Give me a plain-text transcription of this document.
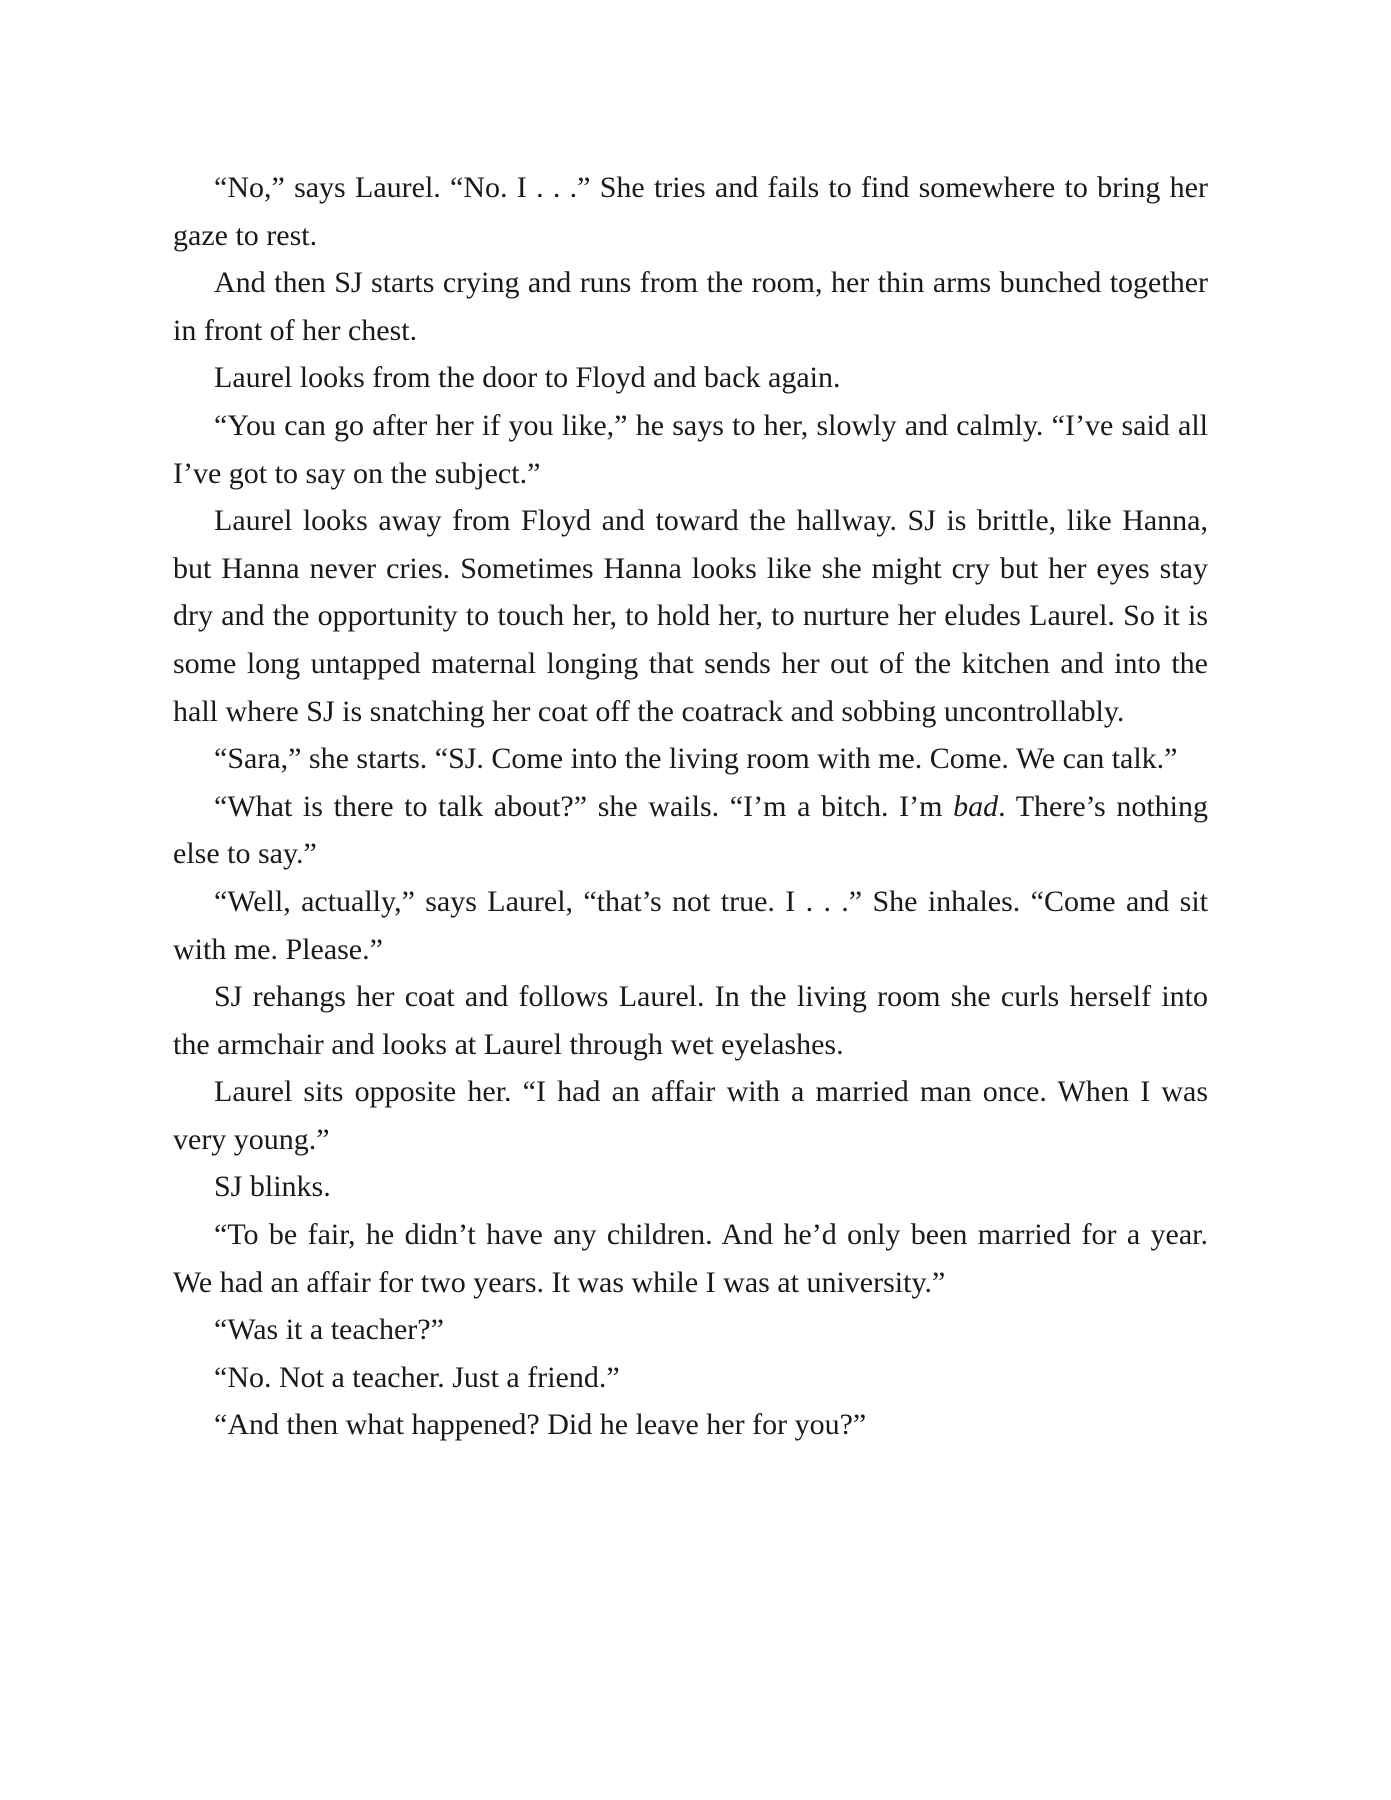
“No,” says Laurel. “No. I . . .” She tries and fails to find somewhere to bring her gaze to rest.

And then SJ starts crying and runs from the room, her thin arms bunched together in front of her chest.

Laurel looks from the door to Floyd and back again.

“You can go after her if you like,” he says to her, slowly and calmly. “I’ve said all I’ve got to say on the subject.”

Laurel looks away from Floyd and toward the hallway. SJ is brittle, like Hanna, but Hanna never cries. Sometimes Hanna looks like she might cry but her eyes stay dry and the opportunity to touch her, to hold her, to nurture her eludes Laurel. So it is some long untapped maternal longing that sends her out of the kitchen and into the hall where SJ is snatching her coat off the coatrack and sobbing uncontrollably.

“Sara,” she starts. “SJ. Come into the living room with me. Come. We can talk.”

“What is there to talk about?” she wails. “I’m a bitch. I’m bad. There’s nothing else to say.”

“Well, actually,” says Laurel, “that’s not true. I . . .” She inhales. “Come and sit with me. Please.”

SJ rehangs her coat and follows Laurel. In the living room she curls herself into the armchair and looks at Laurel through wet eyelashes.

Laurel sits opposite her. “I had an affair with a married man once. When I was very young.”

SJ blinks.

“To be fair, he didn’t have any children. And he’d only been married for a year. We had an affair for two years. It was while I was at university.”

“Was it a teacher?”

“No. Not a teacher. Just a friend.”

“And then what happened? Did he leave her for you?”
